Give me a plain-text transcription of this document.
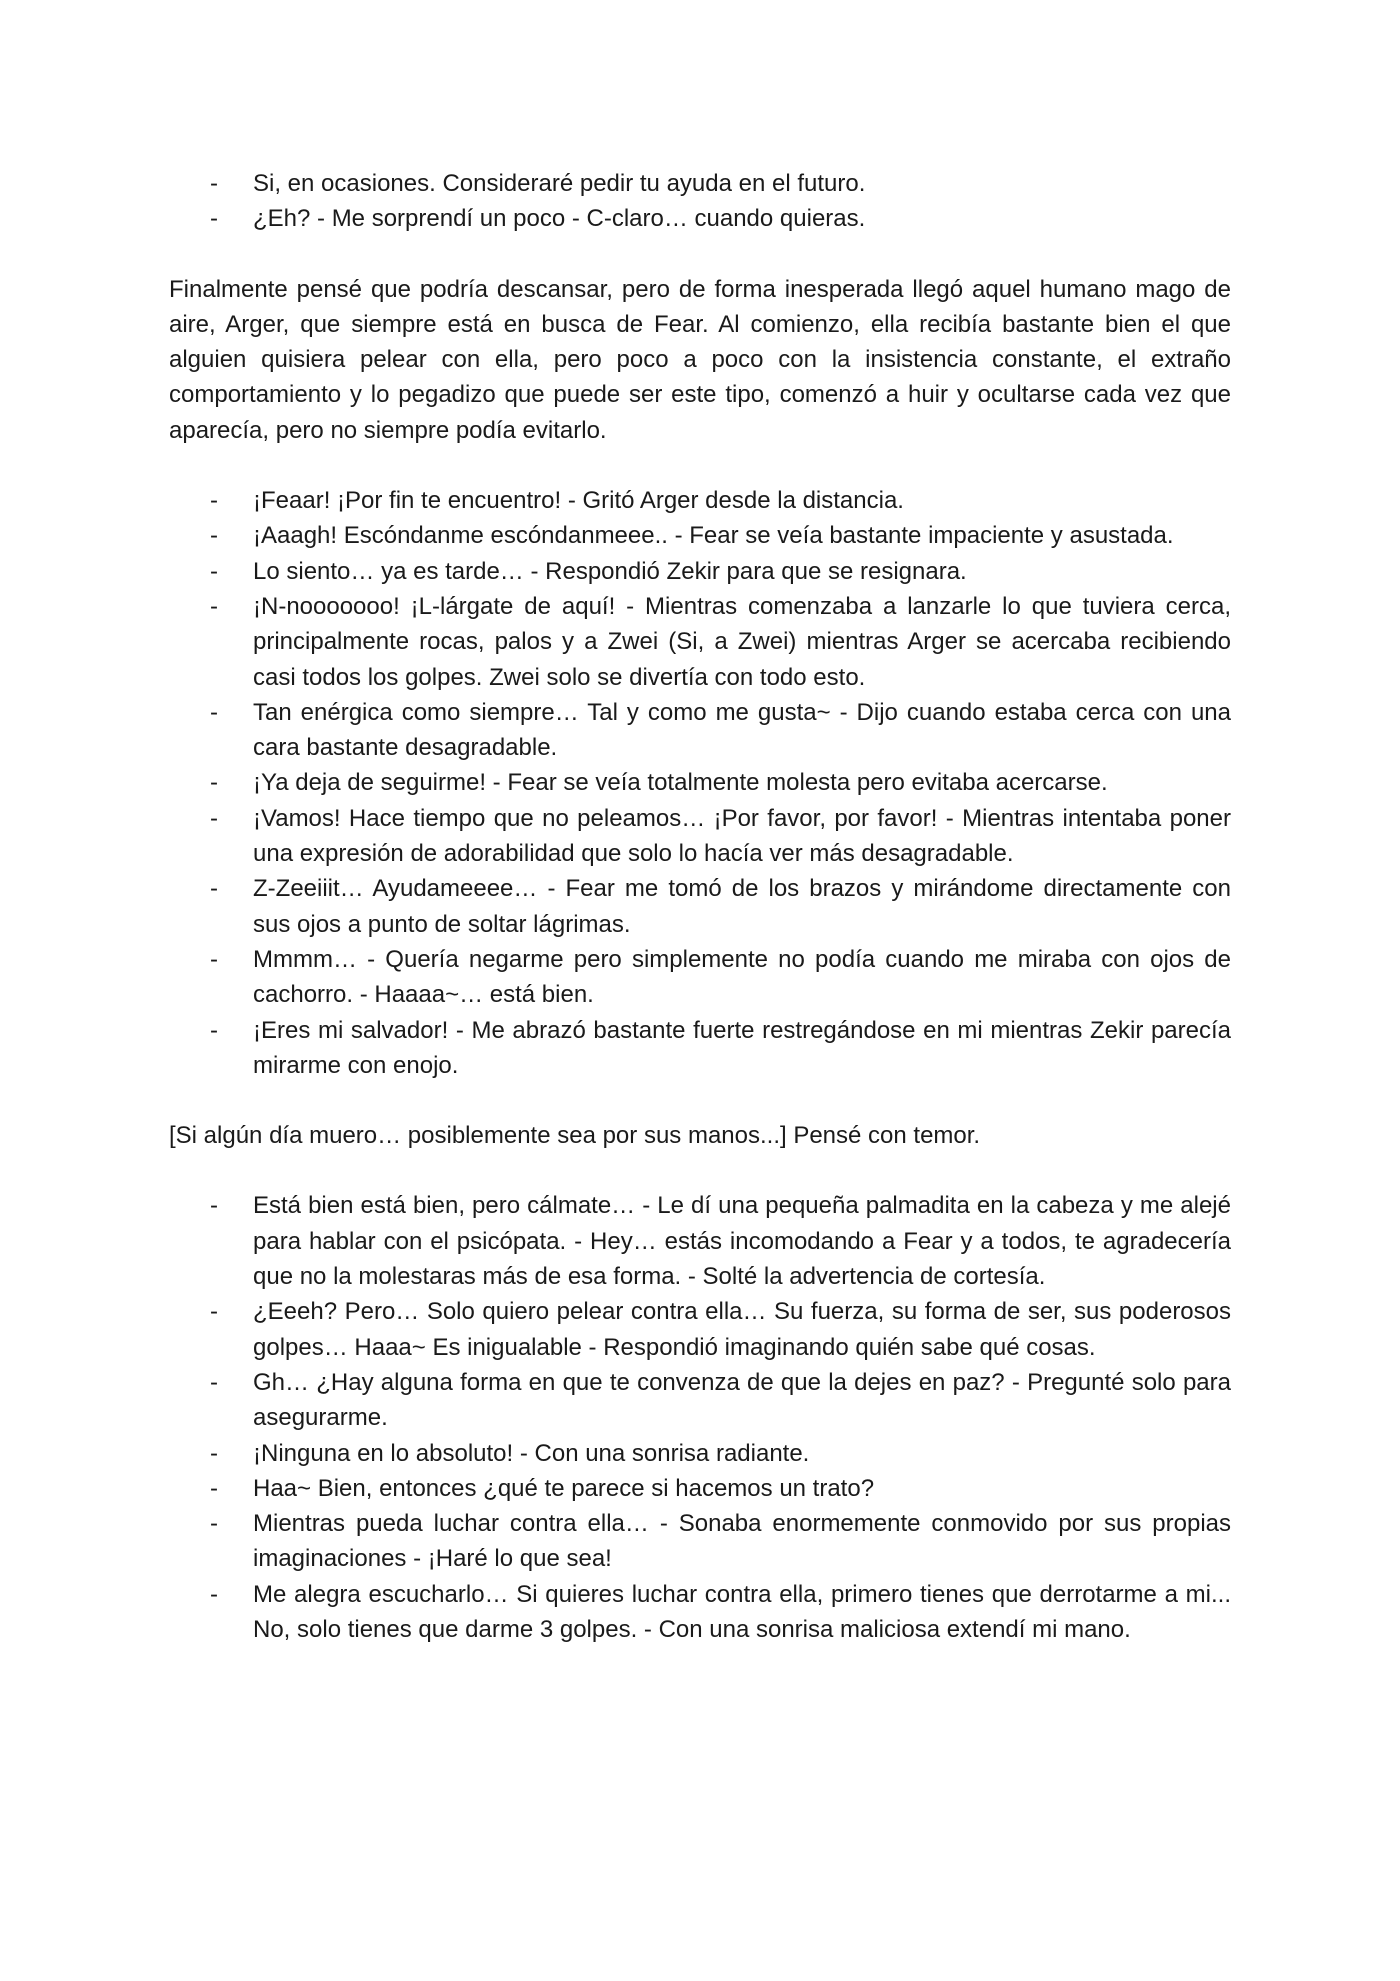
- Si, en ocasiones. Consideraré pedir tu ayuda en el futuro.
- ¿Eh? - Me sorprendí un poco - C-claro… cuando quieras.

Finalmente pensé que podría descansar, pero de forma inesperada llegó aquel humano mago de aire, Arger, que siempre está en busca de Fear. Al comienzo, ella recibía bastante bien el que alguien quisiera pelear con ella, pero poco a poco con la insistencia constante, el extraño comportamiento y lo pegadizo que puede ser este tipo, comenzó a huir y ocultarse cada vez que aparecía, pero no siempre podía evitarlo.

- ¡Feaar! ¡Por fin te encuentro! - Gritó Arger desde la distancia.
- ¡Aaagh! Escóndanme escóndanmeee.. - Fear se veía bastante impaciente y asustada.
- Lo siento… ya es tarde… - Respondió Zekir para que se resignara.
- ¡N-nooooooo! ¡L-lárgate de aquí! - Mientras comenzaba a lanzarle lo que tuviera cerca, principalmente rocas, palos y a Zwei (Si, a Zwei) mientras Arger se acercaba recibiendo casi todos los golpes. Zwei solo se divertía con todo esto.
- Tan enérgica como siempre… Tal y como me gusta~ - Dijo cuando estaba cerca con una cara bastante desagradable.
- ¡Ya deja de seguirme! - Fear se veía totalmente molesta pero evitaba acercarse.
- ¡Vamos! Hace tiempo que no peleamos… ¡Por favor, por favor! - Mientras intentaba poner una expresión de adorabilidad que solo lo hacía ver más desagradable.
- Z-Zeeiiit… Ayudameeee… - Fear me tomó de los brazos y mirándome directamente con sus ojos a punto de soltar lágrimas.
- Mmmm… - Quería negarme pero simplemente no podía cuando me miraba con ojos de cachorro. - Haaaa~… está bien.
- ¡Eres mi salvador! - Me abrazó bastante fuerte restregándose en mi mientras Zekir parecía mirarme con enojo.

[Si algún día muero… posiblemente sea por sus manos...] Pensé con temor.

- Está bien está bien, pero cálmate… - Le dí una pequeña palmadita en la cabeza y me alejé para hablar con el psicópata. - Hey… estás incomodando a Fear y a todos, te agradecería que no la molestaras más de esa forma. - Solté la advertencia de cortesía.
- ¿Eeeh? Pero… Solo quiero pelear contra ella… Su fuerza, su forma de ser, sus poderosos golpes… Haaa~ Es inigualable - Respondió imaginando quién sabe qué cosas.
- Gh… ¿Hay alguna forma en que te convenza de que la dejes en paz? - Pregunté solo para asegurarme.
- ¡Ninguna en lo absoluto! - Con una sonrisa radiante.
- Haa~ Bien, entonces ¿qué te parece si hacemos un trato?
- Mientras pueda luchar contra ella… - Sonaba enormemente conmovido por sus propias imaginaciones - ¡Haré lo que sea!
- Me alegra escucharlo… Si quieres luchar contra ella, primero tienes que derrotarme a mi... No, solo tienes que darme 3 golpes. - Con una sonrisa maliciosa extendí mi mano.
